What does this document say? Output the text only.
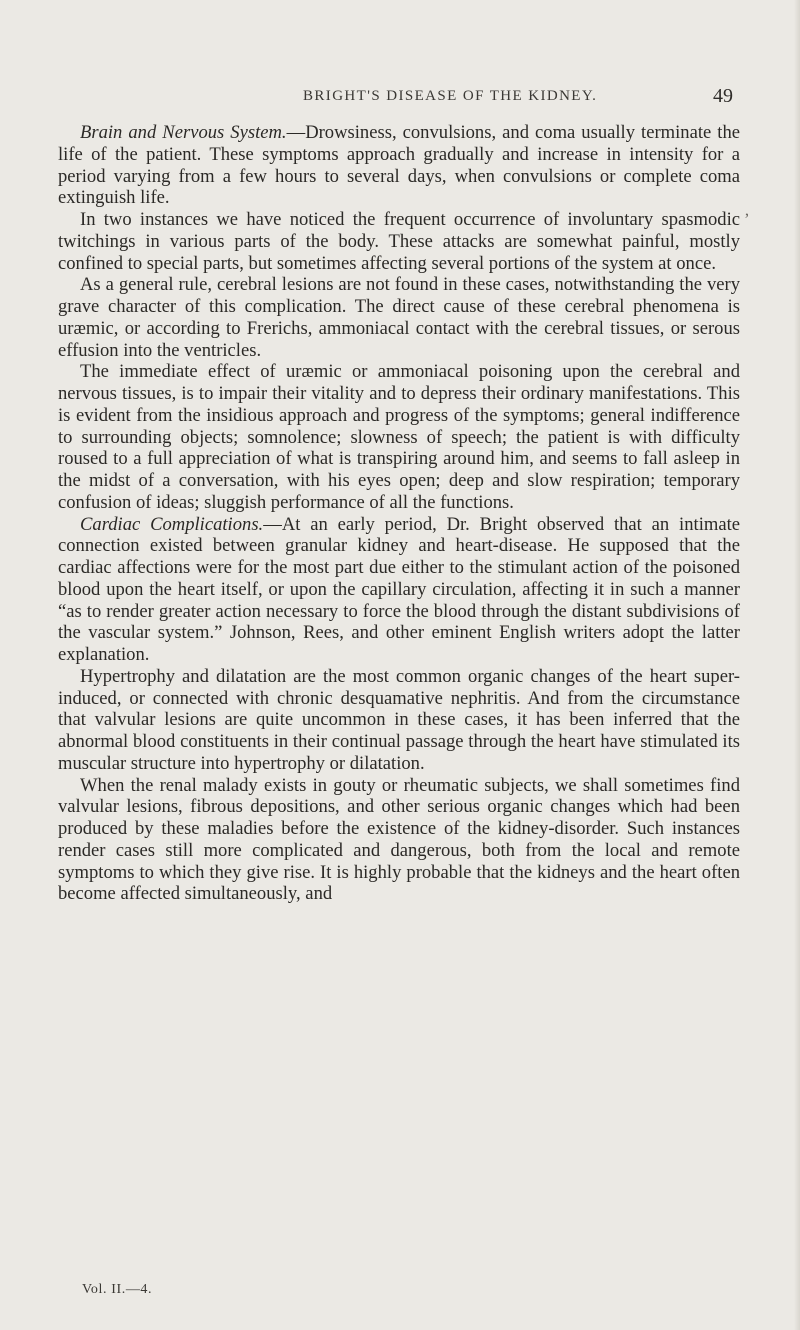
BRIGHT'S DISEASE OF THE KIDNEY.	49
ʼ

Brain and Nervous System.—Drowsiness, convulsions, and coma usually terminate the life of the patient. These symptoms approach gradually and increase in intensity for a period varying from a few hours to several days, when convulsions or complete coma extinguish life.

In two instances we have noticed the frequent occurrence of involuntary spasmodic twitchings in various parts of the body. These attacks are somewhat painful, mostly confined to special parts, but sometimes affecting several portions of the system at once.

As a general rule, cerebral lesions are not found in these cases, notwithstanding the very grave character of this complication. The direct cause of these cerebral phenomena is uræmic, or according to Frerichs, ammoniacal contact with the cerebral tissues, or serous effusion into the ventricles.

The immediate effect of uræmic or ammoniacal poisoning upon the cerebral and nervous tissues, is to impair their vitality and to depress their ordinary manifestations. This is evident from the insidious approach and progress of the symptoms; general indifference to surrounding objects; somnolence; slowness of speech; the patient is with difficulty roused to a full appreciation of what is transpiring around him, and seems to fall asleep in the midst of a conversation, with his eyes open; deep and slow respiration; temporary confusion of ideas; sluggish performance of all the functions.

Cardiac Complications.—At an early period, Dr. Bright observed that an intimate connection existed between granular kidney and heart-disease. He supposed that the cardiac affections were for the most part due either to the stimulant action of the poisoned blood upon the heart itself, or upon the capillary circulation, affecting it in such a manner “as to render greater action necessary to force the blood through the distant subdivisions of the vascular system.” Johnson, Rees, and other eminent English writers adopt the latter explanation.

Hypertrophy and dilatation are the most common organic changes of the heart super-induced, or connected with chronic desquamative nephritis. And from the circumstance that valvular lesions are quite uncommon in these cases, it has been inferred that the abnormal blood constituents in their continual passage through the heart have stimulated its muscular structure into hypertrophy or dilatation.

When the renal malady exists in gouty or rheumatic subjects, we shall sometimes find valvular lesions, fibrous depositions, and other serious organic changes which had been produced by these maladies before the existence of the kidney-disorder. Such instances render cases still more complicated and dangerous, both from the local and remote symptoms to which they give rise. It is highly probable that the kidneys and the heart often become affected simultaneously, and

Vol. II.—4.
